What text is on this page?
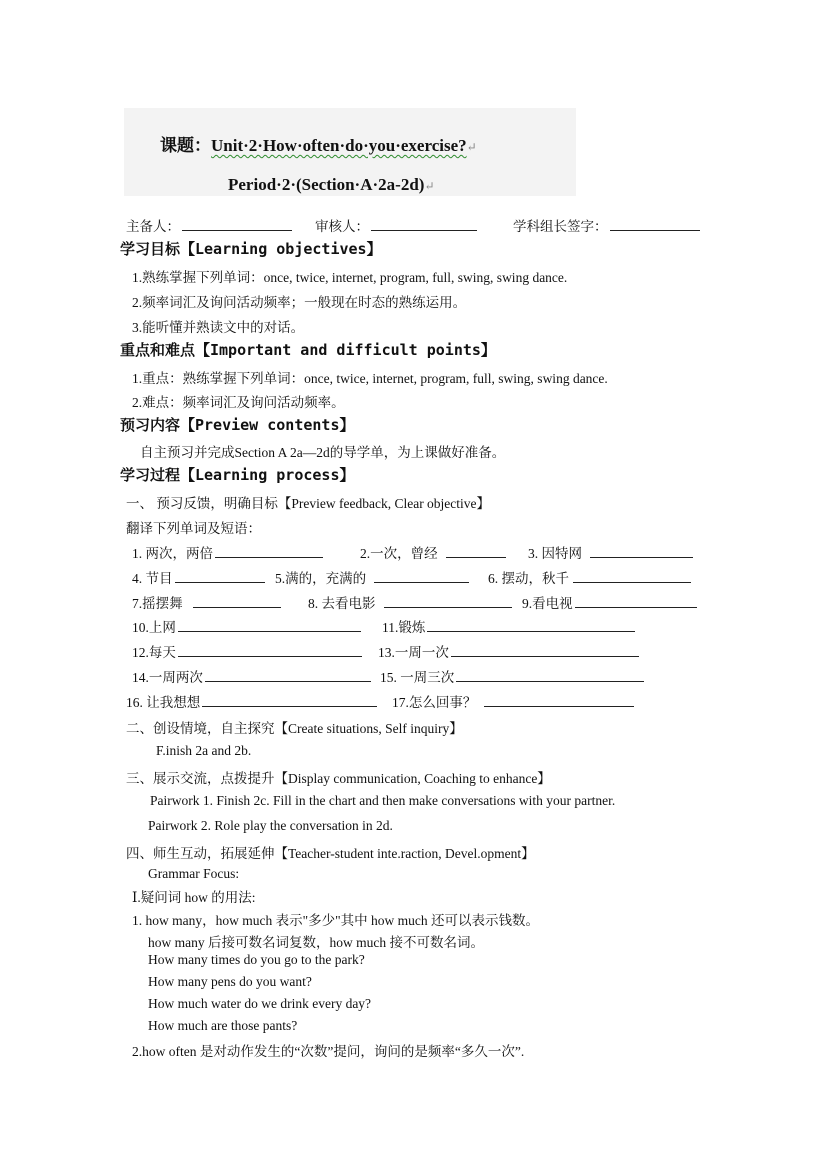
课题：Unit·2·How·often·do·you·exercise?↵
Period·2·(Section·A·2a-2d)↵
主备人：	审核人：	学科组长签字：
学习目标【Learning objectives】
1.熟练掌握下列单词：once, twice, internet, program, full, swing, swing dance.
2.频率词汇及询问活动频率；一般现在时态的熟练运用。
3.能听懂并熟读文中的对话。
重点和难点【Important and difficult points】
1.重点：熟练掌握下列单词：once, twice, internet, program, full, swing, swing dance.
2.难点：频率词汇及询问活动频率。
预习内容【Preview contents】
自主预习并完成Section A 2a—2d的导学单，为上课做好准备。
学习过程【Learning process】
一、 预习反馈，明确目标【Preview feedback, Clear objective】
翻译下列单词及短语：
1. 两次，两倍	2.一次，曾经	3. 因特网
4. 节目	5.满的，充满的	6. 摆动，秋千
7.摇摆舞	8. 去看电影	9.看电视
10.上网	11.锻炼
12.每天	13.一周一次
14.一周两次	15. 一周三次
16. 让我想想	17.怎么回事？
二、创设情境，自主探究【Create situations, Self inquiry】
F.inish 2a and 2b.
三、展示交流，点拨提升【Display communication, Coaching to enhance】
Pairwork 1. Finish 2c. Fill in the chart and then make conversations with your partner.
Pairwork 2. Role play the conversation in 2d.
四、师生互动，拓展延伸【Teacher-student inte.raction, Devel.opment】
Grammar Focus:
Ⅰ.疑问词 how 的用法:
1. how many，how much 表示"多少"其中 how much 还可以表示钱数。
how many 后接可数名词复数，how much 接不可数名词。
How many times do you go to the park?
How many pens do you want?
How much water do we drink every day?
How much are those pants?
2.how often 是对动作发生的“次数”提问，询问的是频率“多久一次”.
